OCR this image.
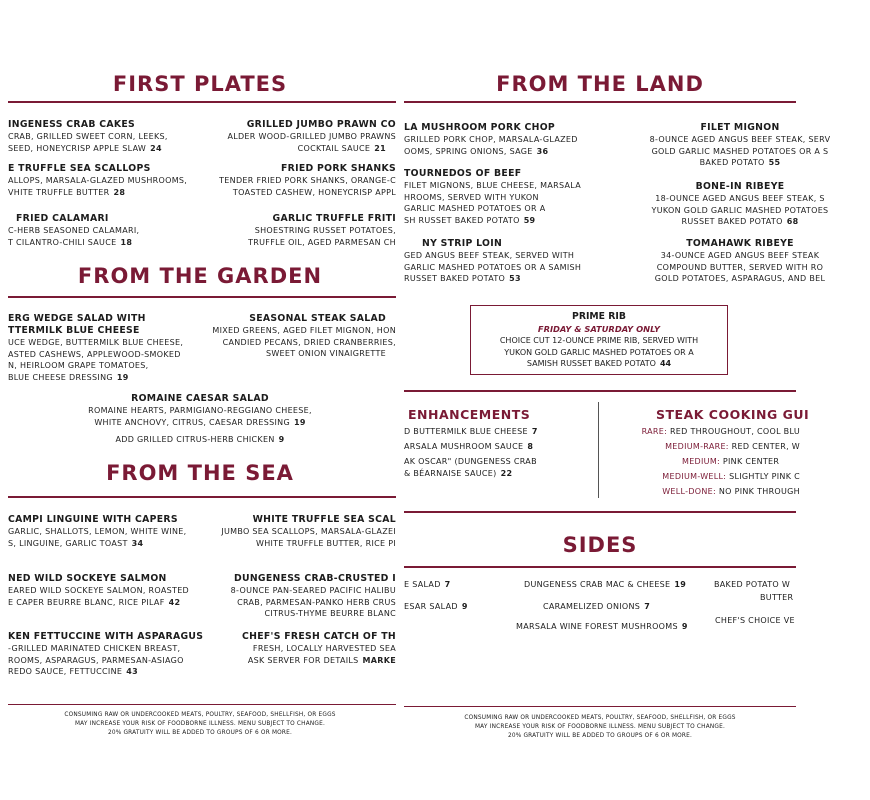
FIRST PLATES
INGENESS CRAB CAKES
CRAB, GRILLED SWEET CORN, LEEKS,
SEED, HONEYCRISP APPLE SLAW 24
GRILLED JUMBO PRAWN CO
ALDER WOOD-GRILLED JUMBO PRAWNS
COCKTAIL SAUCE 21
E TRUFFLE SEA SCALLOPS
ALLOPS, MARSALA-GLAZED MUSHROOMS,
VHITE TRUFFLE BUTTER 28
FRIED PORK SHANKS
TENDER FRIED PORK SHANKS, ORANGE-C
TOASTED CASHEW, HONEYCRISP APPL
FRIED CALAMARI
C-HERB SEASONED CALAMARI,
T CILANTRO-CHILI SAUCE 18
GARLIC TRUFFLE FRITI
SHOESTRING RUSSET POTATOES,
TRUFFLE OIL, AGED PARMESAN CH
FROM THE GARDEN
ERG WEDGE SALAD WITH
TTERMILK BLUE CHEESE
UCE WEDGE, BUTTERMILK BLUE CHEESE,
ASTED CASHEWS, APPLEWOOD-SMOKED
N, HEIRLOOM GRAPE TOMATOES,
BLUE CHEESE DRESSING 19
SEASONAL STEAK SALAD
MIXED GREENS, AGED FILET MIGNON, HON
CANDIED PECANS, DRIED CRANBERRIES,
SWEET ONION VINAIGRETTE
ROMAINE CAESAR SALAD
ROMAINE HEARTS, PARMIGIANO-REGGIANO CHEESE,
WHITE ANCHOVY, CITRUS, CAESAR DRESSING 19
ADD GRILLED CITRUS-HERB CHICKEN 9
FROM THE SEA
CAMPI LINGUINE WITH CAPERS
GARLIC, SHALLOTS, LEMON, WHITE WINE,
S, LINGUINE, GARLIC TOAST 34
WHITE TRUFFLE SEA SCAL
JUMBO SEA SCALLOPS, MARSALA-GLAZEI
WHITE TRUFFLE BUTTER, RICE PI
NED WILD SOCKEYE SALMON
EARED WILD SOCKEYE SALMON, ROASTED
E CAPER BEURRE BLANC, RICE PILAF 42
DUNGENESS CRAB-CRUSTED I
8-OUNCE PAN-SEARED PACIFIC HALIBU
CRAB, PARMESAN-PANKO HERB CRUS
CITRUS-THYME BEURRE BLANC
KEN FETTUCCINE WITH ASPARAGUS
-GRILLED MARINATED CHICKEN BREAST,
ROOMS, ASPARAGUS, PARMESAN-ASIAGO
REDO SAUCE, FETTUCCINE 43
CHEF'S FRESH CATCH OF TH
FRESH, LOCALLY HARVESTED SEA
ASK SERVER FOR DETAILS MARKE
CONSUMING RAW OR UNDERCOOKED MEATS, POULTRY, SEAFOOD, SHELLFISH, OR EGGS
MAY INCREASE YOUR RISK OF FOODBORNE ILLNESS. MENU SUBJECT TO CHANGE.
20% GRATUITY WILL BE ADDED TO GROUPS OF 6 OR MORE.
FROM THE LAND
LA MUSHROOM PORK CHOP
GRILLED PORK CHOP, MARSALA-GLAZED
OOMS, SPRING ONIONS, SAGE 36
FILET MIGNON
8-OUNCE AGED ANGUS BEEF STEAK, SERV
GOLD GARLIC MASHED POTATOES OR A S
BAKED POTATO 55
TOURNEDOS OF BEEF
FILET MIGNONS, BLUE CHEESE, MARSALA
HROOMS, SERVED WITH YUKON
GARLIC MASHED POTATOES OR A
SH RUSSET BAKED POTATO 59
BONE-IN RIBEYE
18-OUNCE AGED ANGUS BEEF STEAK, S
YUKON GOLD GARLIC MASHED POTATOES
RUSSET BAKED POTATO 68
NY STRIP LOIN
GED ANGUS BEEF STEAK, SERVED WITH
GARLIC MASHED POTATOES OR A SAMISH
RUSSET BAKED POTATO 53
TOMAHAWK RIBEYE
34-OUNCE AGED ANGUS BEEF STEAK
COMPOUND BUTTER, SERVED WITH RO
GOLD POTATOES, ASPARAGUS, AND BEL
PRIME RIB
FRIDAY & SATURDAY ONLY
CHOICE CUT 12-OUNCE PRIME RIB, SERVED WITH
YUKON GOLD GARLIC MASHED POTATOES OR A
SAMISH RUSSET BAKED POTATO 44
ENHANCEMENTS
D BUTTERMILK BLUE CHEESE 7
ARSALA MUSHROOM SAUCE 8
AK OSCAR" (DUNGENESS CRAB
& BÉARNAISE SAUCE) 22
STEAK COOKING GUI
RARE: RED THROUGHOUT, COOL BLU
MEDIUM-RARE: RED CENTER, W
MEDIUM: PINK CENTER
MEDIUM-WELL: SLIGHTLY PINK C
WELL-DONE: NO PINK THROUGH
SIDES
E SALAD 7	DUNGENESS CRAB MAC & CHEESE 19	BAKED POTATO W
BUTTER
ESAR SALAD 9	CARAMELIZED ONIONS 7
CHEF'S CHOICE VE
MARSALA WINE FOREST MUSHROOMS 9
CONSUMING RAW OR UNDERCOOKED MEATS, POULTRY, SEAFOOD, SHELLFISH, OR EGGS
MAY INCREASE YOUR RISK OF FOODBORNE ILLNESS. MENU SUBJECT TO CHANGE.
20% GRATUITY WILL BE ADDED TO GROUPS OF 6 OR MORE.
